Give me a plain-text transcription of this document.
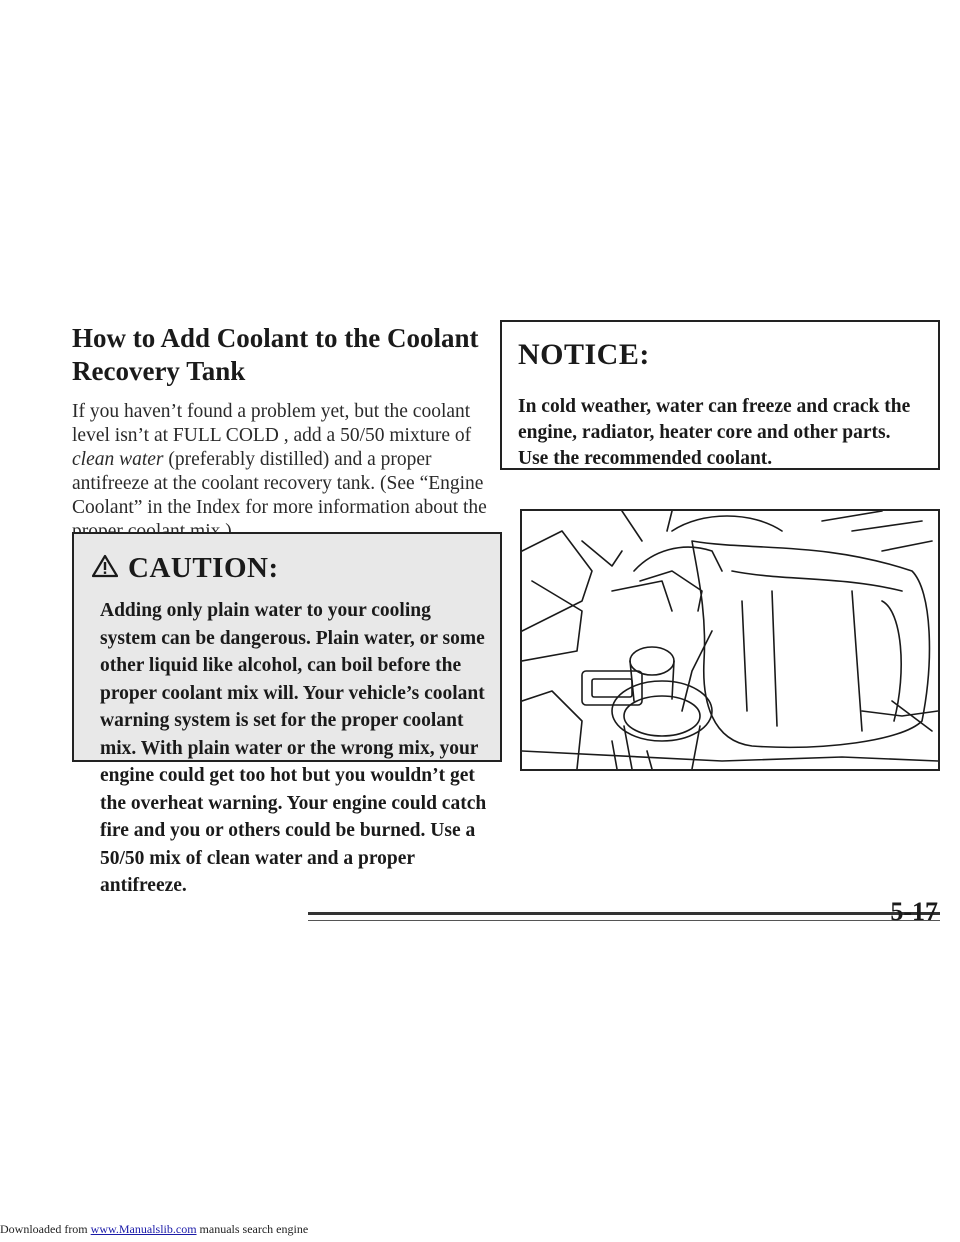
How to Add Coolant to the Coolant Recovery Tank

If you haven’t found a problem yet, but the coolant level isn’t at FULL COLD , add a 50/50 mixture of clean water (preferably distilled) and a proper antifreeze at the coolant recovery tank. (See “Engine Coolant” in the Index for more information about the

CAUTION:

Adding only plain water to your cooling system can be dangerous. Plain water, or some other liquid like alcohol, can boil before the proper coolant mix will. Your vehicle’s coolant warning system is set for the proper coolant mix. With plain water or the wrong mix, your engine could get too hot but you wouldn’t get the overheat warning. Your engine could catch fire and you or others could be burned. Use a 50/50 mix of clean water and a proper antifreeze.

NOTICE:

In cold weather, water can freeze and crack the engine, radiator, heater core and other parts. Use the recommended coolant.

5-17

Downloaded from www.Manualslib.com manuals search engine
